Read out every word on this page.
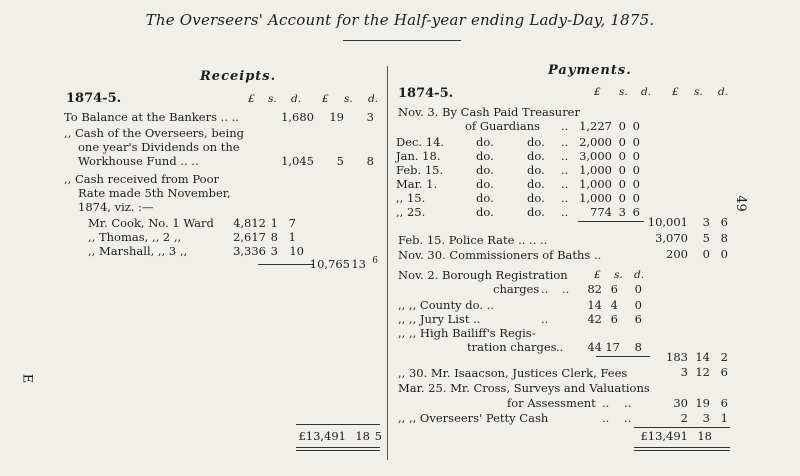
The Overseers' Account for the Half-year ending Lady-Day, 1875.
49
E
Receipts.
1874-5.	£ s. d. £ s. d.
To Balance at the Bankers .. ..	1,680	19	3
,, Cash of the Overseers, being
one year's Dividends on the
Workhouse Fund .. ..	1,045	5	8
,, Cash received from Poor
Rate made 5th November,
1874, viz. :—
Mr. Cook, No. 1 Ward	4,812 1 7
,, Thomas, ,, 2 ,,	2,617 8 1
,, Marshall, ,, 3 ,,	3,336 3 10
10,765 13 6
£13,491 18 5
Payments.
1874-5.	£ s. d. £ s. d.
Nov. 3. By Cash Paid Treasurer
of Guardians .. 1,227 0 0
Dec. 14.	do.	do. .. 2,000 0 0
Jan. 18.	do.	do. .. 3,000 0 0
Feb. 15.	do.	do. .. 1,000 0 0
Mar. 1.	do.	do. .. 1,000 0 0
,, 15.	do.	do. .. 1,000 0 0
,, 25.	do.	do. ..	774 3 6
10,001	3 6
Feb. 15. Police Rate .. .. ..	3,070	5 8
Nov. 30. Commissioners of Baths ..	200	0 0
Nov. 2. Borough Registration	£ s. d.
charges .. ..	82 6	0
,, ,, County do. ..	14 4	0
,, ,, Jury List ..	..	42 6	6
,, ,, High Bailiff's Regis-
tration charges ..	44 17	8
183 14 2
,, 30. Mr. Isaacson, Justices Clerk, Fees	3 12 6
Mar. 25. Mr. Cross, Surveys and Valuations
for Assessment .. ..	30 19 6
,, ,, Overseers' Petty Cash	.. ..	2	3 1
£13,491 18
